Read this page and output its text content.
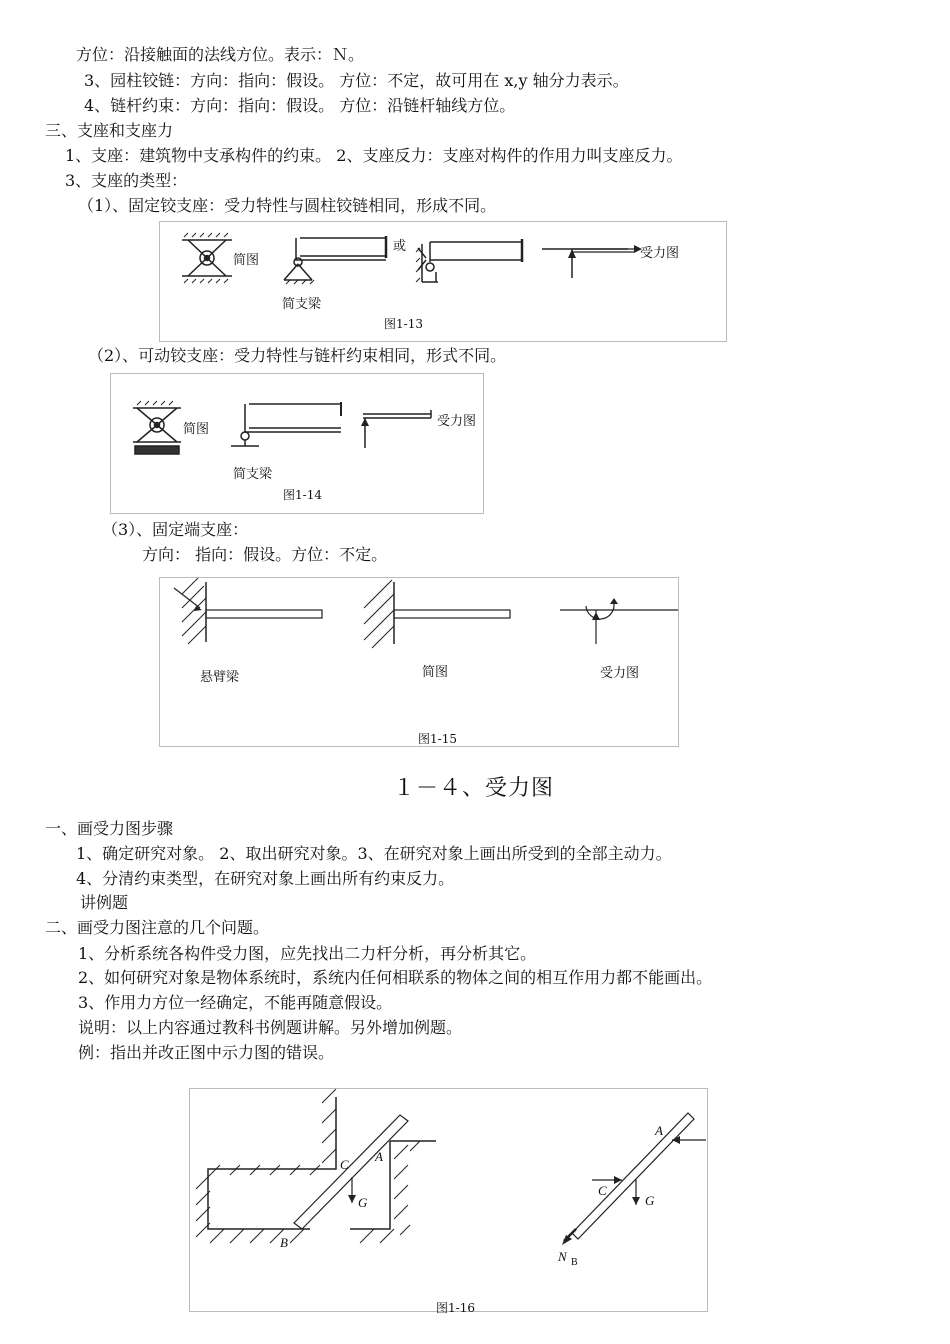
方位：沿接触面的法线方位。表示：Ｎ。
3、园柱铰链：方向：指向：假设。 方位：不定，故可用在 x,y 轴分力表示。
4、链杆约束：方向：指向：假设。 方位：沿链杆轴线方位。
三、支座和支座力
1、支座：建筑物中支承构件的约束。 2、支座反力：支座对构件的作用力叫支座反力。
3、支座的类型：
（1）、固定铰支座：受力特性与圆柱铰链相同，形成不同。
简图
或
简支梁
受力图
图1-13
（2）、可动铰支座：受力特性与链杆约束相同，形式不同。
简图
简支梁
受力图
图1-14
（3）、固定端支座：
方向： 指向：假设。方位：不定。
悬臂梁	简图	受力图
图1-15
１－４、受力图
一、画受力图步骤
1、确定研究对象。 2、取出研究对象。3、在研究对象上画出所受到的全部主动力。
4、分清约束类型，在研究对象上画出所有约束反力。
讲例题
二、画受力图注意的几个问题。
1、分析系统各构件受力图，应先找出二力杆分析，再分析其它。
2、如何研究对象是物体系统时，系统内任何相联系的物体之间的相互作用力都不能画出。
3、作用力方位一经确定，不能再随意假设。
说明：以上内容通过教科书例题讲解。另外增加例题。
例：指出并改正图中示力图的错误。
C
A
G
B
A
C
G
N B
图1-16
